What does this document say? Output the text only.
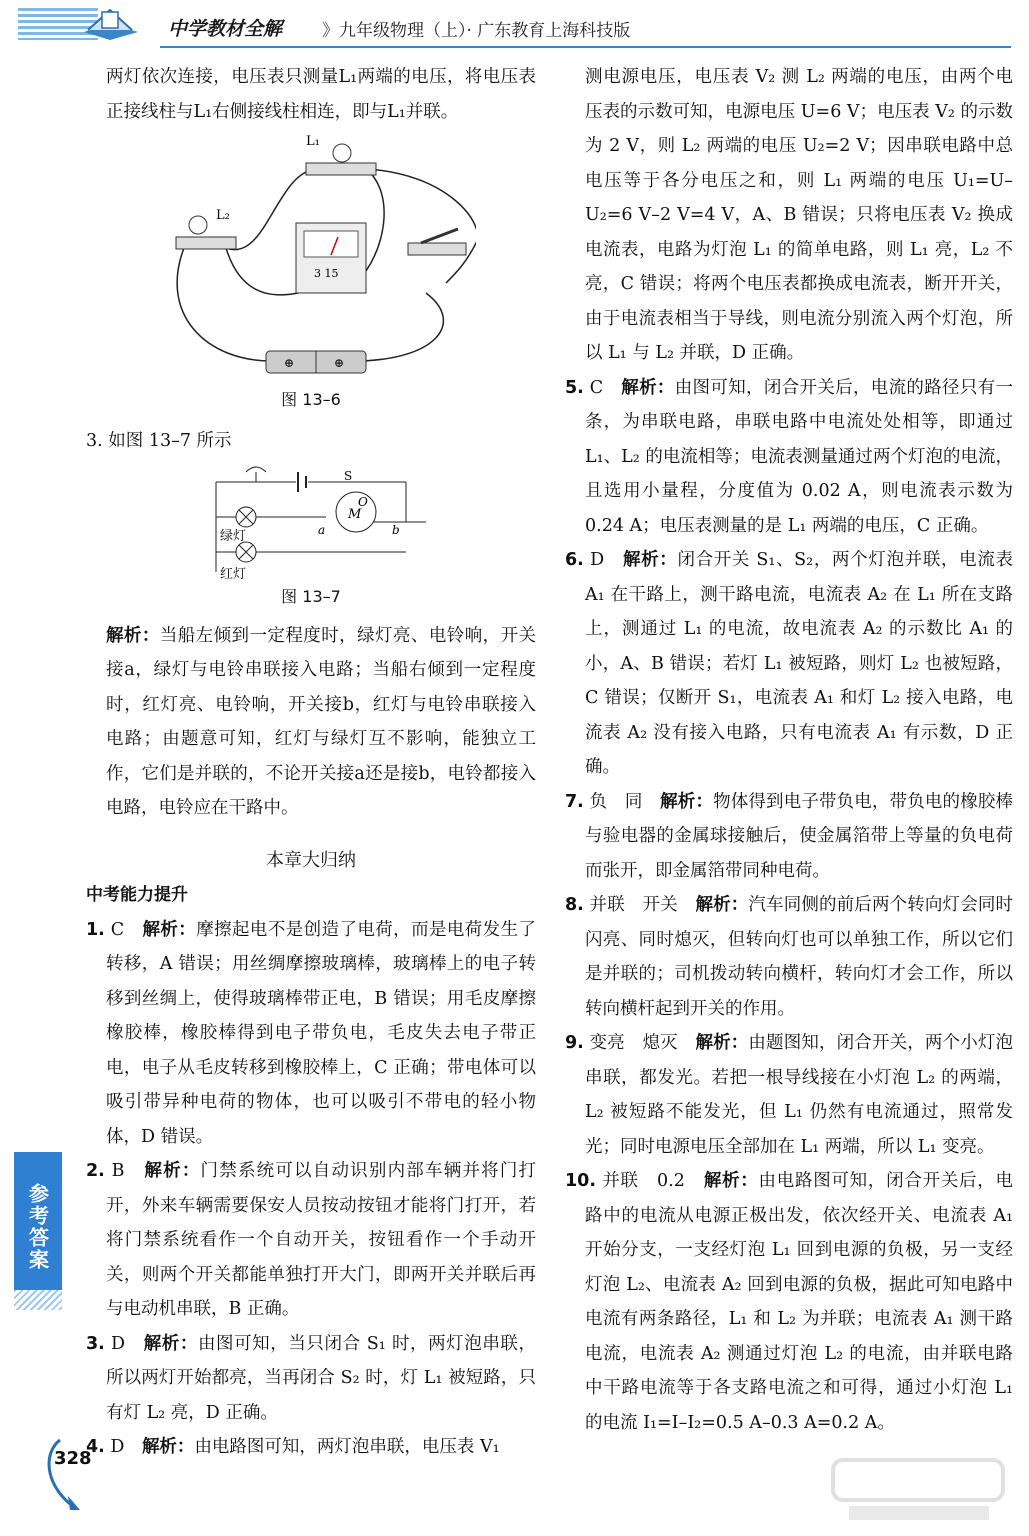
中学教材全解 》九年级物理（上）· 广东教育上海科技版

两灯依次连接，电压表只测量L₁两端的电压，将电压表正接线柱与L₁右侧接线柱相连，即与L₁并联。

L₁
L₂
3 15
⊕	⊕
图 13–6

3. 如图 13–7 所示

M
O
S
a	b
绿灯
红灯
图 13–7

解析：当船左倾到一定程度时，绿灯亮、电铃响，开关接a，绿灯与电铃串联接入电路；当船右倾到一定程度时，红灯亮、电铃响，开关接b，红灯与电铃串联接入电路；由题意可知，红灯与绿灯互不影响，能独立工作，它们是并联的，不论开关接a还是接b，电铃都接入电路，电铃应在干路中。

本章大归纳
中考能力提升

1. C　 解析：摩擦起电不是创造了电荷，而是电荷发生了转移，A 错误；用丝绸摩擦玻璃棒，玻璃棒上的电子转移到丝绸上，使得玻璃棒带正电，B 错误；用毛皮摩擦橡胶棒，橡胶棒得到电子带负电，毛皮失去电子带正电，电子从毛皮转移到橡胶棒上，C 正确；带电体可以吸引带异种电荷的物体，也可以吸引不带电的轻小物体，D 错误。

2. B　 解析：门禁系统可以自动识别内部车辆并将门打开，外来车辆需要保安人员按动按钮才能将门打开，若将门禁系统看作一个自动开关，按钮看作一个手动开关，则两个开关都能单独打开大门，即两开关并联后再与电动机串联，B 正确。

3. D　 解析：由图可知，当只闭合 S₁ 时，两灯泡串联，所以两灯开始都亮，当再闭合 S₂ 时，灯 L₁ 被短路，只有灯 L₂ 亮，D 正确。

4. D　 解析：由电路图可知，两灯泡串联，电压表 V₁

测电源电压，电压表 V₂ 测 L₂ 两端的电压，由两个电压表的示数可知，电源电压 U=6 V；电压表 V₂ 的示数为 2 V，则 L₂ 两端的电压 U₂=2 V；因串联电路中总电压等于各分电压之和，则 L₁ 两端的电压 U₁=U–U₂=6 V–2 V=4 V，A、B 错误；只将电压表 V₂ 换成电流表，电路为灯泡 L₁ 的简单电路，则 L₁ 亮，L₂ 不亮，C 错误；将两个电压表都换成电流表，断开开关，由于电流表相当于导线，则电流分别流入两个灯泡，所以 L₁ 与 L₂ 并联，D 正确。

5. C　 解析：由图可知，闭合开关后，电流的路径只有一条，为串联电路，串联电路中电流处处相等，即通过 L₁、L₂ 的电流相等；电流表测量通过两个灯泡的电流，且选用小量程，分度值为 0.02 A，则电流表示数为 0.24 A；电压表测量的是 L₁ 两端的电压，C 正确。

6. D　 解析：闭合开关 S₁、S₂，两个灯泡并联，电流表 A₁ 在干路上，测干路电流，电流表 A₂ 在 L₁ 所在支路上，测通过 L₁ 的电流，故电流表 A₂ 的示数比 A₁ 的小，A、B 错误；若灯 L₁ 被短路，则灯 L₂ 也被短路，C 错误；仅断开 S₁，电流表 A₁ 和灯 L₂ 接入电路，电流表 A₂ 没有接入电路，只有电流表 A₁ 有示数，D 正确。

7. 负　同　 解析：物体得到电子带负电，带负电的橡胶棒与验电器的金属球接触后，使金属箔带上等量的负电荷而张开，即金属箔带同种电荷。

8. 并联　开关　 解析：汽车同侧的前后两个转向灯会同时闪亮、同时熄灭，但转向灯也可以单独工作，所以它们是并联的；司机拨动转向横杆，转向灯才会工作，所以转向横杆起到开关的作用。

9. 变亮　熄灭　 解析：由题图知，闭合开关，两个小灯泡串联，都发光。若把一根导线接在小灯泡 L₂ 的两端，L₂ 被短路不能发光，但 L₁ 仍然有电流通过，照常发光；同时电源电压全部加在 L₁ 两端，所以 L₁ 变亮。

10. 并联　0.2　 解析：由电路图可知，闭合开关后，电路中的电流从电源正极出发，依次经开关、电流表 A₁ 开始分支，一支经灯泡 L₁ 回到电源的负极，另一支经灯泡 L₂、电流表 A₂ 回到电源的负极，据此可知电路中电流有两条路径，L₁ 和 L₂ 为并联；电流表 A₁ 测干路电流，电流表 A₂ 测通过灯泡 L₂ 的电流，由并联电路中干路电流等于各支路电流之和可得，通过小灯泡 L₁ 的电流 I₁=I–I₂=0.5 A–0.3 A=0.2 A。

参考答案
328
